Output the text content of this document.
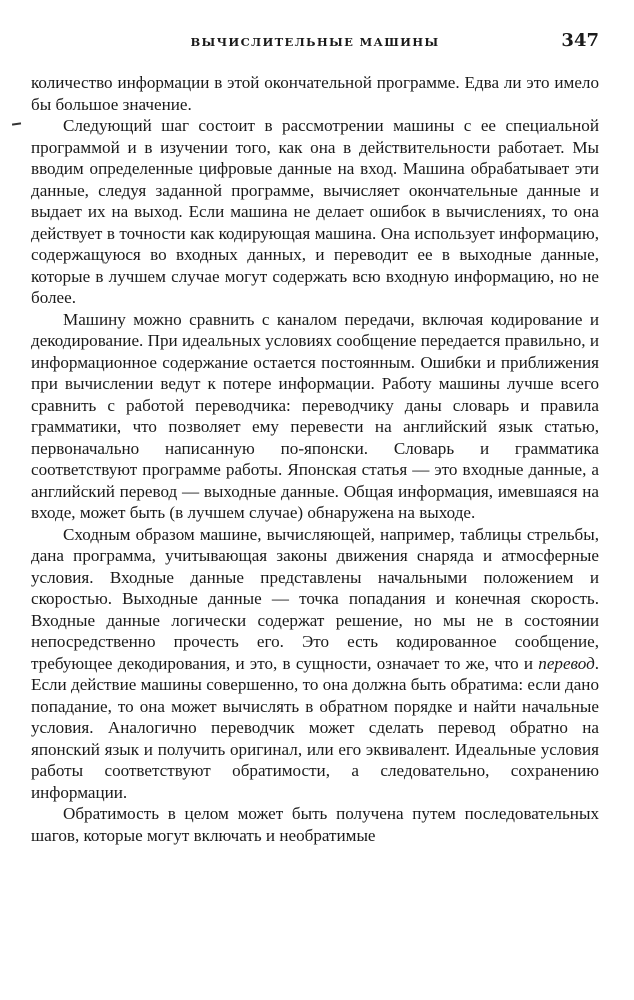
ВЫЧИСЛИТЕЛЬНЫЕ МАШИНЫ	347

количество информации в этой окончательной программе. Едва ли это имело бы большое значение.

Следующий шаг состоит в рассмотрении машины с ее специальной программой и в изучении того, как она в действительности работает. Мы вводим определенные цифровые данные на вход. Машина обрабатывает эти данные, следуя заданной программе, вычисляет окончательные данные и выдает их на выход. Если машина не делает ошибок в вычислениях, то она действует в точности как кодирующая машина. Она использует информацию, содержащуюся во входных данных, и переводит ее в выходные данные, которые в лучшем случае могут содержать всю входную информацию, но не более.

Машину можно сравнить с каналом передачи, включая кодирование и декодирование. При идеальных условиях сообщение передается правильно, и информационное содержание остается постоянным. Ошибки и приближения при вычислении ведут к потере информации. Работу машины лучше всего сравнить с работой переводчика: переводчику даны словарь и правила грамматики, что позволяет ему перевести на английский язык статью, первоначально написанную по-японски. Словарь и грамматика соответствуют программе работы. Японская статья — это входные данные, а английский перевод — выходные данные. Общая информация, имевшаяся на входе, может быть (в лучшем случае) обнаружена на выходе.

Сходным образом машине, вычисляющей, например, таблицы стрельбы, дана программа, учитывающая законы движения снаряда и атмосферные условия. Входные данные представлены начальными положением и скоростью. Выходные данные — точка попадания и конечная скорость. Входные данные логически содержат решение, но мы не в состоянии непосредственно прочесть его. Это есть кодированное сообщение, требующее декодирования, и это, в сущности, означает то же, что и перевод. Если действие машины совершенно, то она должна быть обратима: если дано попадание, то она может вычислять в обратном порядке и найти начальные условия. Аналогично переводчик может сделать перевод обратно на японский язык и получить оригинал, или его эквивалент. Идеальные условия работы соответствуют обратимости, а следовательно, сохранению информации.

Обратимость в целом может быть получена путем последовательных шагов, которые могут включать и необратимые
